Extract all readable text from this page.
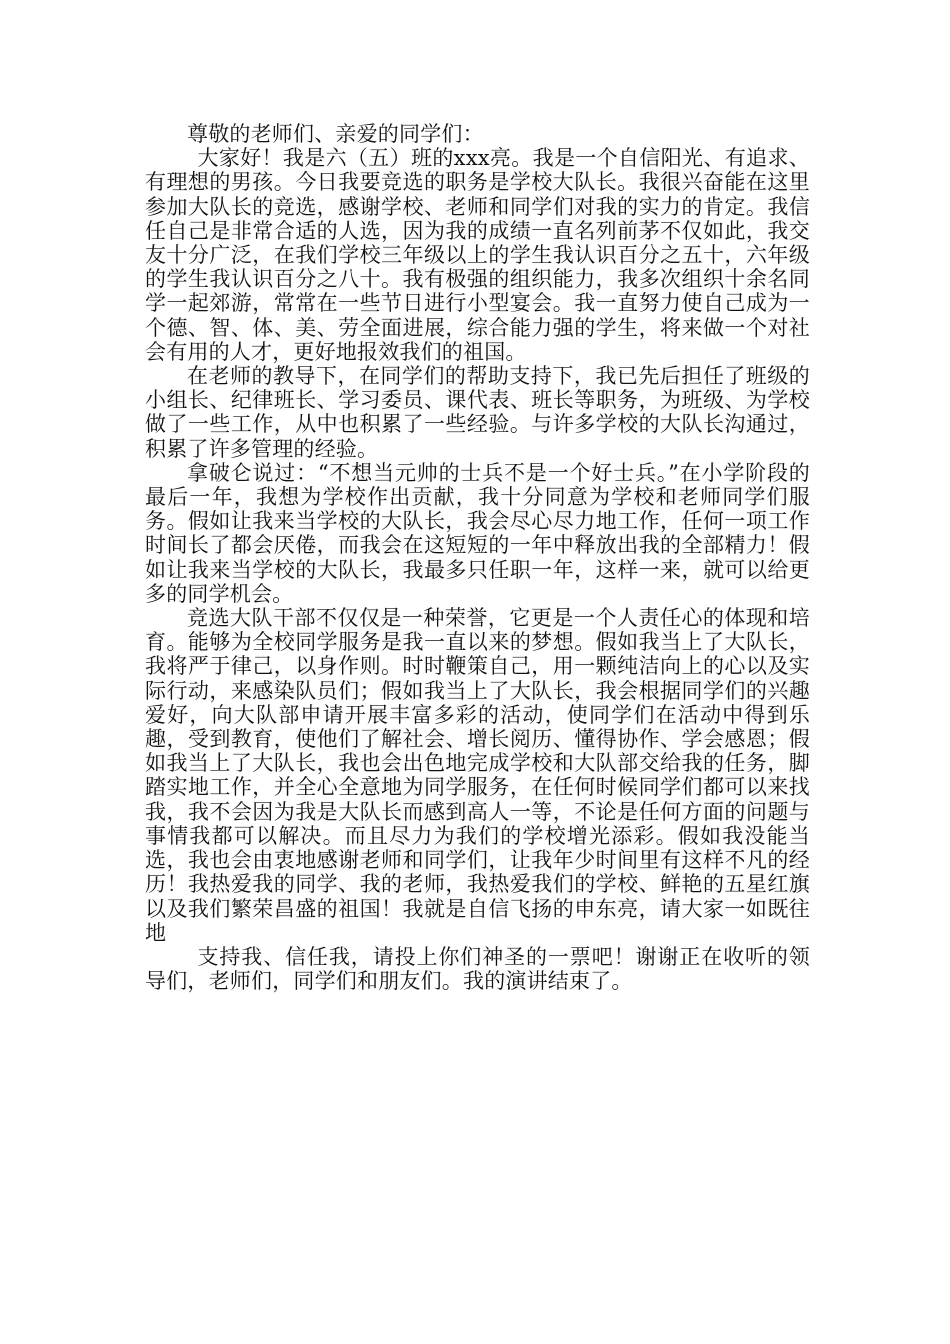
尊敬的老师们、亲爱的同学们：

大家好！我是六（五）班的xxx亮。我是一个自信阳光、有追求、有理想的男孩。今日我要竞选的职务是学校大队长。我很兴奋能在这里参加大队长的竞选，感谢学校、老师和同学们对我的实力的肯定。我信任自己是非常合适的人选，因为我的成绩一直名列前茅不仅如此，我交友十分广泛，在我们学校三年级以上的学生我认识百分之五十，六年级的学生我认识百分之八十。我有极强的组织能力，我多次组织十余名同学一起郊游，常常在一些节日进行小型宴会。我一直努力使自己成为一个德、智、体、美、劳全面进展，综合能力强的学生，将来做一个对社会有用的人才，更好地报效我们的祖国。

在老师的教导下，在同学们的帮助支持下，我已先后担任了班级的小组长、纪律班长、学习委员、课代表、班长等职务，为班级、为学校做了一些工作，从中也积累了一些经验。与许多学校的大队长沟通过，积累了许多管理的经验。

拿破仑说过：“不想当元帅的士兵不是一个好士兵。”在小学阶段的最后一年，我想为学校作出贡献，我十分同意为学校和老师同学们服务。假如让我来当学校的大队长，我会尽心尽力地工作，任何一项工作时间长了都会厌倦，而我会在这短短的一年中释放出我的全部精力！假如让我来当学校的大队长，我最多只任职一年，这样一来，就可以给更多的同学机会。

竞选大队干部不仅仅是一种荣誉，它更是一个人责任心的体现和培育。能够为全校同学服务是我一直以来的梦想。假如我当上了大队长，我将严于律己，以身作则。时时鞭策自己，用一颗纯洁向上的心以及实际行动，来感染队员们；假如我当上了大队长，我会根据同学们的兴趣爱好，向大队部申请开展丰富多彩的活动，使同学们在活动中得到乐趣，受到教育，使他们了解社会、增长阅历、懂得协作、学会感恩；假如我当上了大队长，我也会出色地完成学校和大队部交给我的任务，脚踏实地工作，并全心全意地为同学服务，在任何时候同学们都可以来找我，我不会因为我是大队长而感到高人一等，不论是任何方面的问题与事情我都可以解决。而且尽力为我们的学校增光添彩。假如我没能当选，我也会由衷地感谢老师和同学们，让我年少时间里有这样不凡的经历！我热爱我的同学、我的老师，我热爱我们的学校、鲜艳的五星红旗以及我们繁荣昌盛的祖国！我就是自信飞扬的申东亮，请大家一如既往地

支持我、信任我，请投上你们神圣的一票吧！谢谢正在收听的领导们，老师们，同学们和朋友们。我的演讲结束了。
